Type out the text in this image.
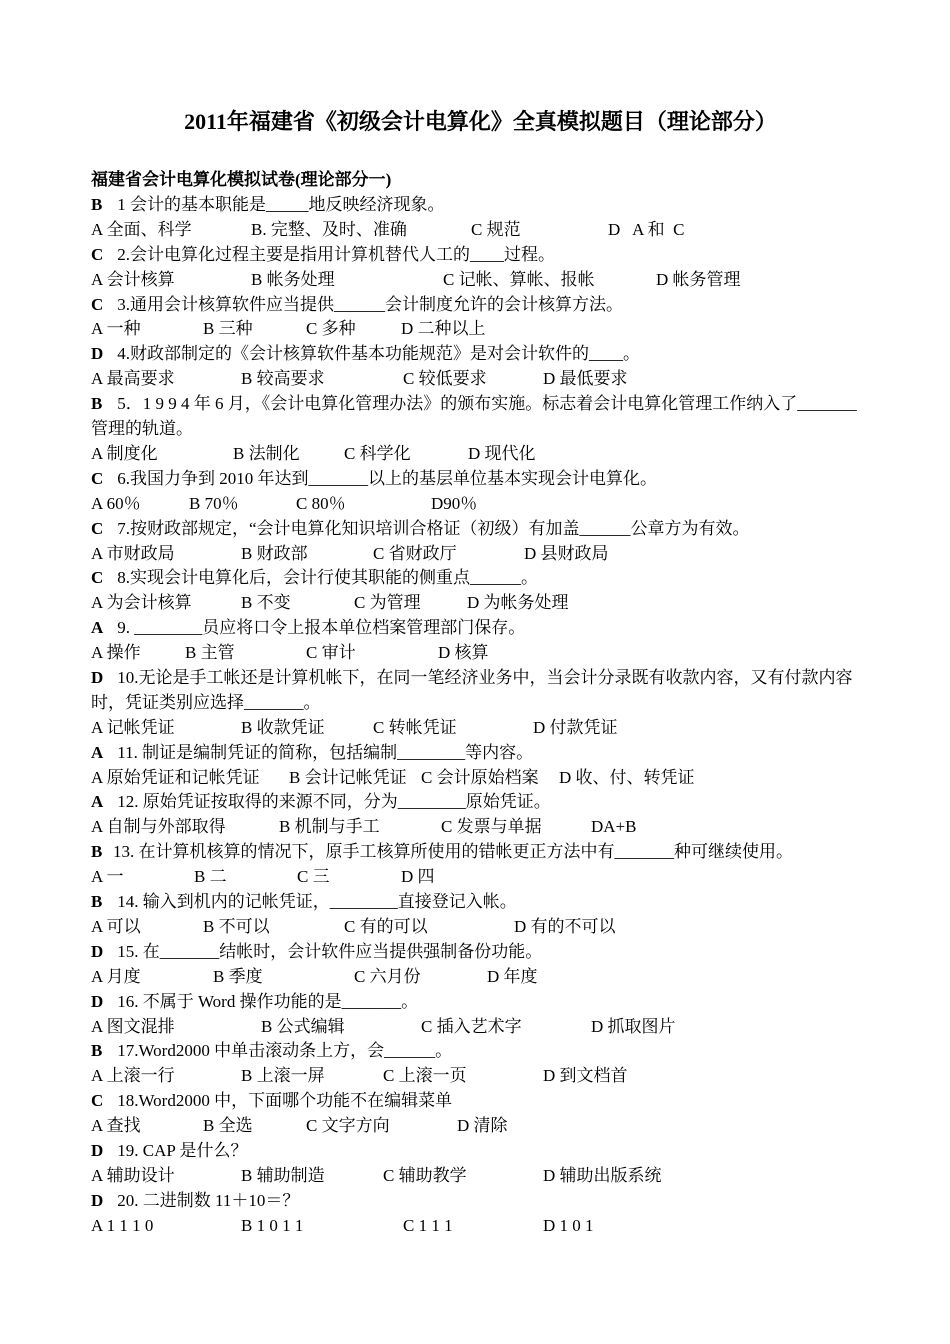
2011年福建省《初级会计电算化》全真模拟题目（理论部分）
福建省会计电算化模拟试卷(理论部分一)
B 1 会计的基本职能是_____地反映经济现象。
A 全面、科学	B. 完整、及时、准确	C 规范	D   A 和  C
C 2.会计电算化过程主要是指用计算机替代人工的____过程。
A 会计核算	B 帐务处理	C 记帐、算帐、报帐	D 帐务管理
C 3.通用会计核算软件应当提供______会计制度允许的会计核算方法。
A 一种	B 三种	C 多种	D 二种以上
D 4.财政部制定的《会计核算软件基本功能规范》是对会计软件的____。
A 最高要求	B 较高要求	C 较低要求	D 最低要求
B 5．1 9 9 4 年 6 月，《会计电算化管理办法》的颁布实施。标志着会计电算化管理工作纳入了_______管理的轨道。
A 制度化	B 法制化	C 科学化	D 现代化
C 6.我国力争到 2010 年达到_______以上的基层单位基本实现会计电算化。
A 60％	B 70％	C 80％	D90％
C 7.按财政部规定，“会计电算化知识培训合格证（初级）有加盖______公章方为有效。
A 市财政局	B 财政部	C 省财政厅	D 县财政局
C 8.实现会计电算化后，会计行使其职能的侧重点______。
A 为会计核算	B 不变	C 为管理	D 为帐务处理
A 9. ________员应将口令上报本单位档案管理部门保存。
A 操作	B 主管	C 审计	D 核算
D 10.无论是手工帐还是计算机帐下，在同一笔经济业务中，当会计分录既有收款内容，又有付款内容时，凭证类别应选择_______。
A 记帐凭证	B 收款凭证	C 转帐凭证	D 付款凭证
A 11. 制证是编制凭证的简称，包括编制________等内容。
A 原始凭证和记帐凭证 B 会计记帐凭证 C 会计原始档案 D 收、付、转凭证
A 12. 原始凭证按取得的来源不同，分为________原始凭证。
A 自制与外部取得	B 机制与手工	C 发票与单据	DA+B
B 13. 在计算机核算的情况下，原手工核算所使用的错帐更正方法中有_______种可继续使用。
A 一	B 二	C 三	D 四
B 14. 输入到机内的记帐凭证，________直接登记入帐。
A 可以	B 不可以	C 有的可以	D 有的不可以
D 15. 在_______结帐时，会计软件应当提供强制备份功能。
A 月度	B 季度	C 六月份	D 年度
D 16. 不属于 Word 操作功能的是_______。
A 图文混排	B 公式编辑	C 插入艺术字	D 抓取图片
B 17.Word2000 中单击滚动条上方，会______。
A 上滚一行	B 上滚一屏	C 上滚一页	D 到文档首
C 18.Word2000 中，下面哪个功能不在编辑菜单
A 查找	B 全选	C 文字方向	D 清除
D 19. CAP 是什么？
A 辅助设计	B 辅助制造	C 辅助教学	D 辅助出版系统
D 20. 二进制数 11＋10＝？
A 1 1 1 0	B 1 0 1 1	C 1 1 1	D 1 0 1
